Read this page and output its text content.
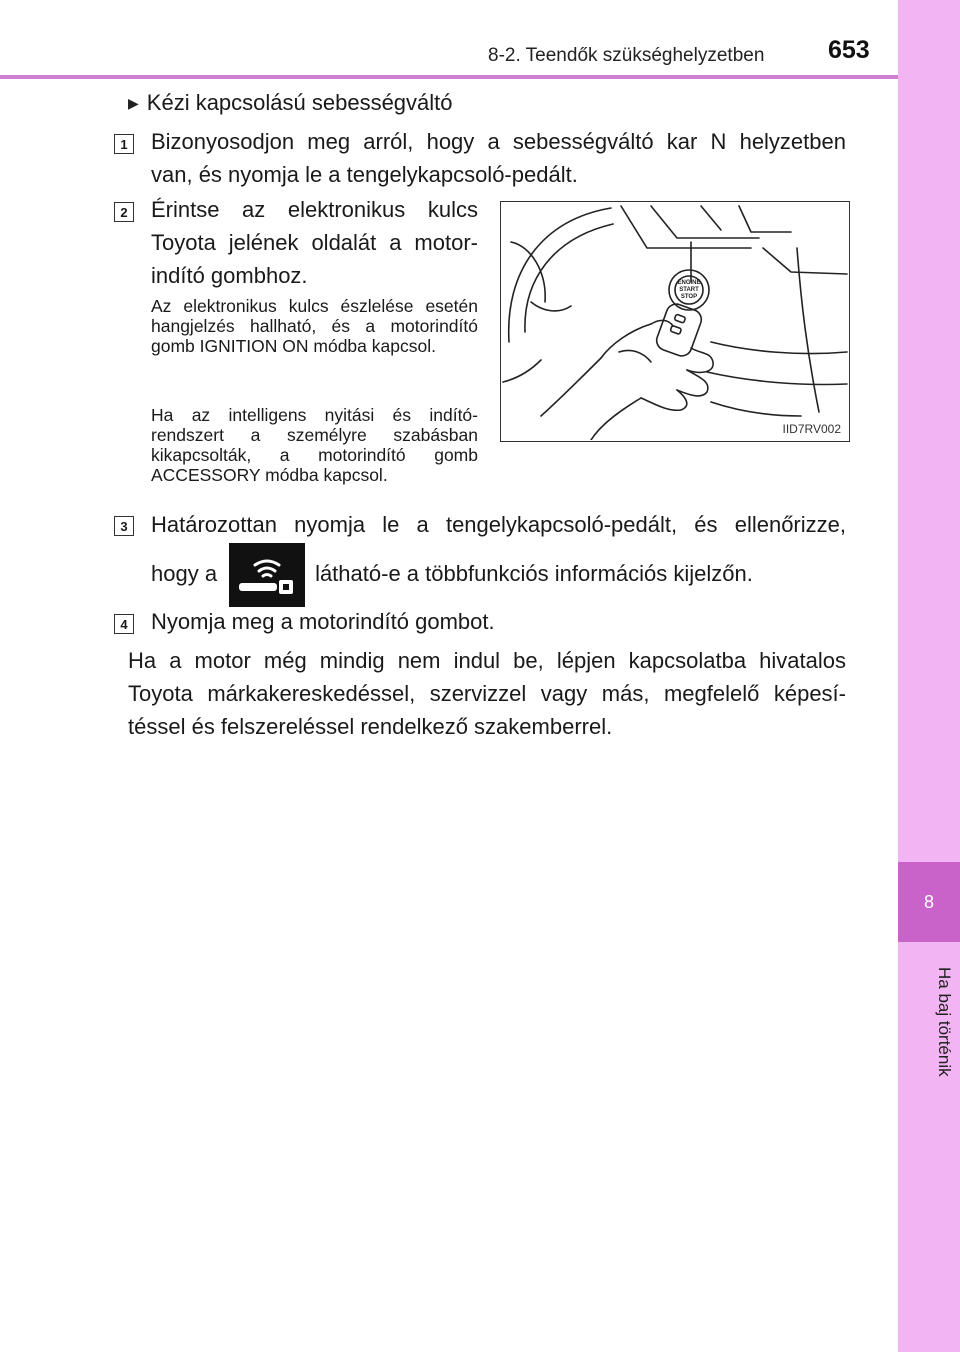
8-2. Teendők szükséghelyzetben	653
8
Ha baj történik
▶ Kézi kapcsolású sebességváltó
1 Bizonyosodjon meg arról, hogy a sebességváltó kar N helyzetben
van, és nyomja le a tengelykapcsoló-pedált.
2 Érintse az elektronikus kulcs Toyota jelének oldalát a motor-indító gombhoz.
Az elektronikus kulcs észlelése esetén hangjelzés hallható, és a motorindító gomb IGNITION ON módba kapcsol.
Ha az intelligens nyitási és indító-rendszert a személyre szabásban kikapcsolták, a motorindító gomb ACCESSORY módba kapcsol.
ENGINE
START
STOP
IID7RV002
3 Határozottan nyomja le a tengelykapcsoló-pedált, és ellenőrizze,
hogy a	látható-e a többfunkciós információs kijelzőn.
4 Nyomja meg a motorindító gombot.
Ha a motor még mindig nem indul be, lépjen kapcsolatba hivatalos Toyota márkakereskedéssel, szervizzel vagy más, megfelelő képesí-téssel és felszereléssel rendelkező szakemberrel.
